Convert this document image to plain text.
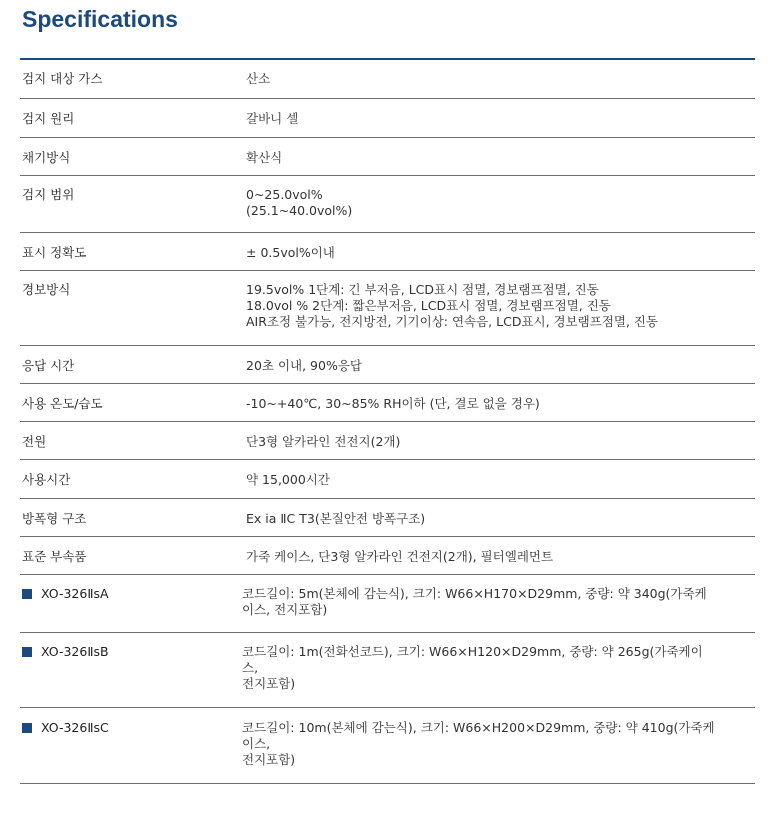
Specifications
검지 대상 가스	산소
검지 원리	갈바니 셀
채기방식	확산식
검지 범위	0~25.0vol%
(25.1~40.0vol%)
표시 정확도	± 0.5vol%이내
경보방식	19.5vol% 1단계: 긴 부저음, LCD표시 점멸, 경보램프점멸, 진동
18.0vol % 2단계: 짧은부저음, LCD표시 점멸, 경보램프점멸, 진동
AIR조정 불가능, 전지방전, 기기이상: 연속음, LCD표시, 경보램프점멸, 진동
응답 시간	20초 이내, 90%응답
사용 온도/습도	-10~+40℃, 30~85% RH이하 (단, 결로 없을 경우)
전원	단3형 알카라인 전전지(2개)
사용시간	약 15,000시간
방폭형 구조	Ex ia ⅡC T3(본질안전 방폭구조)
표준 부속품	가죽 케이스, 단3형 알카라인 건전지(2개), 필터엘레먼트
XO-326ⅡsA	코드길이: 5m(본체에 감는식), 크기: W66×H170×D29mm, 중량: 약 340g(가죽케
이스, 전지포함)
XO-326ⅡsB	코드길이: 1m(전화선코드), 크기: W66×H120×D29mm, 중량: 약 265g(가죽케이
스,
전지포함)
XO-326ⅡsC	코드길이: 10m(본체에 감는식), 크기: W66×H200×D29mm, 중량: 약 410g(가죽케
이스,
전지포함)
